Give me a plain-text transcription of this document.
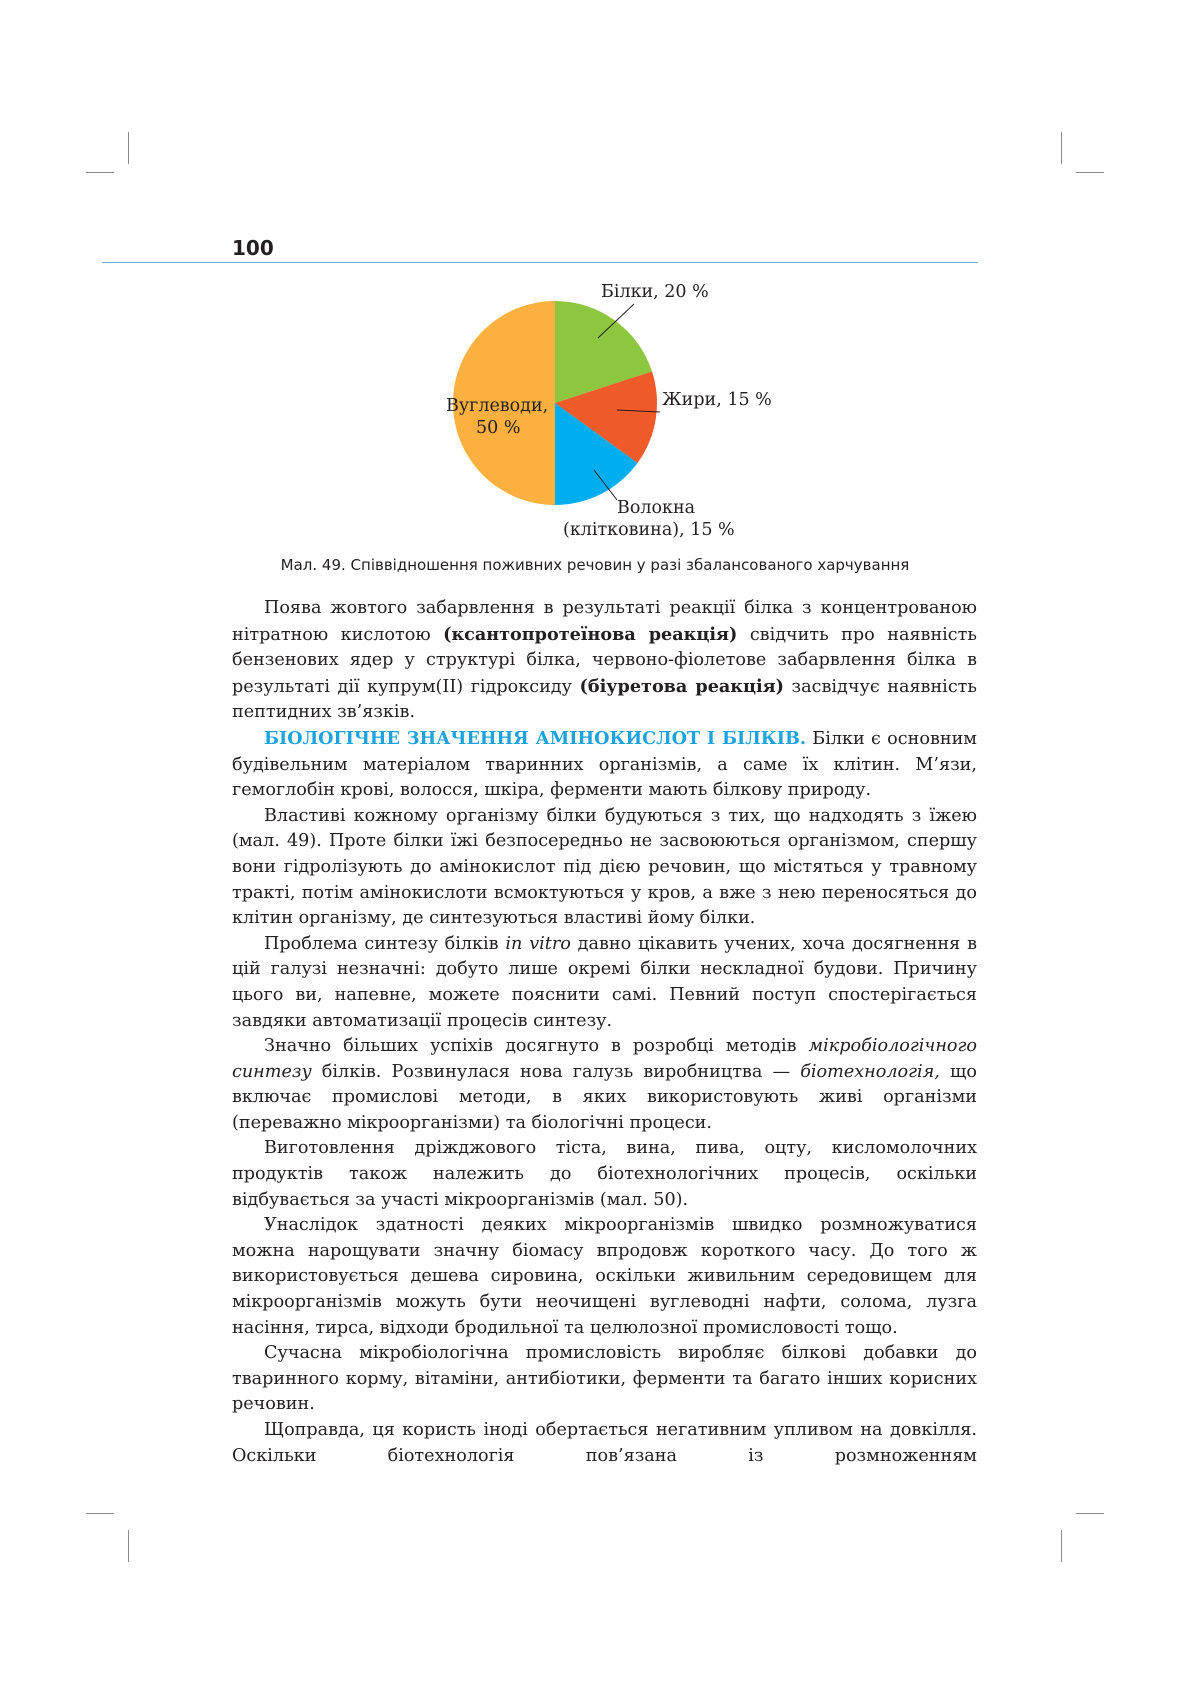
100
Білки, 20 %
Жири, 15 %
Волокна
(клітковина), 15 %
Вуглеводи,
50 %
Мал. 49. Співвідношення поживних речовин у разі збалансованого харчування

Поява жовтого забарвлення в результаті реакції білка з концентрованою нітратною кислотою (ксантопротеїнова реакція) свідчить про наявність бензенових ядер у структурі білка, червоно-фіолетове забарвлення білка в результаті дії купрум(ІІ) гідроксиду (біуретова реакція) засвідчує наявність пептидних зв’язків.

БІОЛОГІЧНЕ ЗНАЧЕННЯ АМІНОКИСЛОТ І БІЛКІВ. Білки є основним будівельним матеріалом тваринних організмів, а саме їх клітин. М’язи, гемоглобін крові, волосся, шкіра, ферменти мають білкову природу.

Властиві кожному організму білки будуються з тих, що надходять з їжею (мал. 49). Проте білки їжі безпосередньо не засвоюються організмом, спершу вони гідролізують до амінокислот під дією речовин, що містяться у травному тракті, потім амінокислоти всмоктуються у кров, а вже з нею переносяться до клітин організму, де синтезуються властиві йому білки.

Проблема синтезу білків in vitro давно цікавить учених, хоча досягнення в цій галузі незначні: добуто лише окремі білки нескладної будови. Причину цього ви, напевне, можете пояснити самі. Певний поступ спостерігається завдяки автоматизації процесів синтезу.

Значно більших успіхів досягнуто в розробці методів мікробіологічного синтезу білків. Розвинулася нова галузь виробництва — біотехнологія, що включає промислові методи, в яких використовують живі організми (переважно мікроорганізми) та біологічні процеси.

Виготовлення дріжджового тіста, вина, пива, оцту, кисломолочних продуктів також належить до біотехнологічних процесів, оскільки відбувається за участі мікроорганізмів (мал. 50).

Унаслідок здатності деяких мікроорганізмів швидко розмножуватися можна нарощувати значну біомасу впродовж короткого часу. До того ж використовується дешева сировина, оскільки живильним середовищем для мікроорганізмів можуть бути неочищені вуглеводні нафти, солома, лузга насіння, тирса, відходи бродильної та целюлозної промисловості тощо.

Сучасна мікробіологічна промисловість виробляє білкові добавки до тваринного корму, вітаміни, антибіотики, ферменти та багато інших корисних речовин.

Щоправда, ця користь іноді обертається негативним упливом на довкілля. Оскільки біотехнологія пов’язана із розмноженням
